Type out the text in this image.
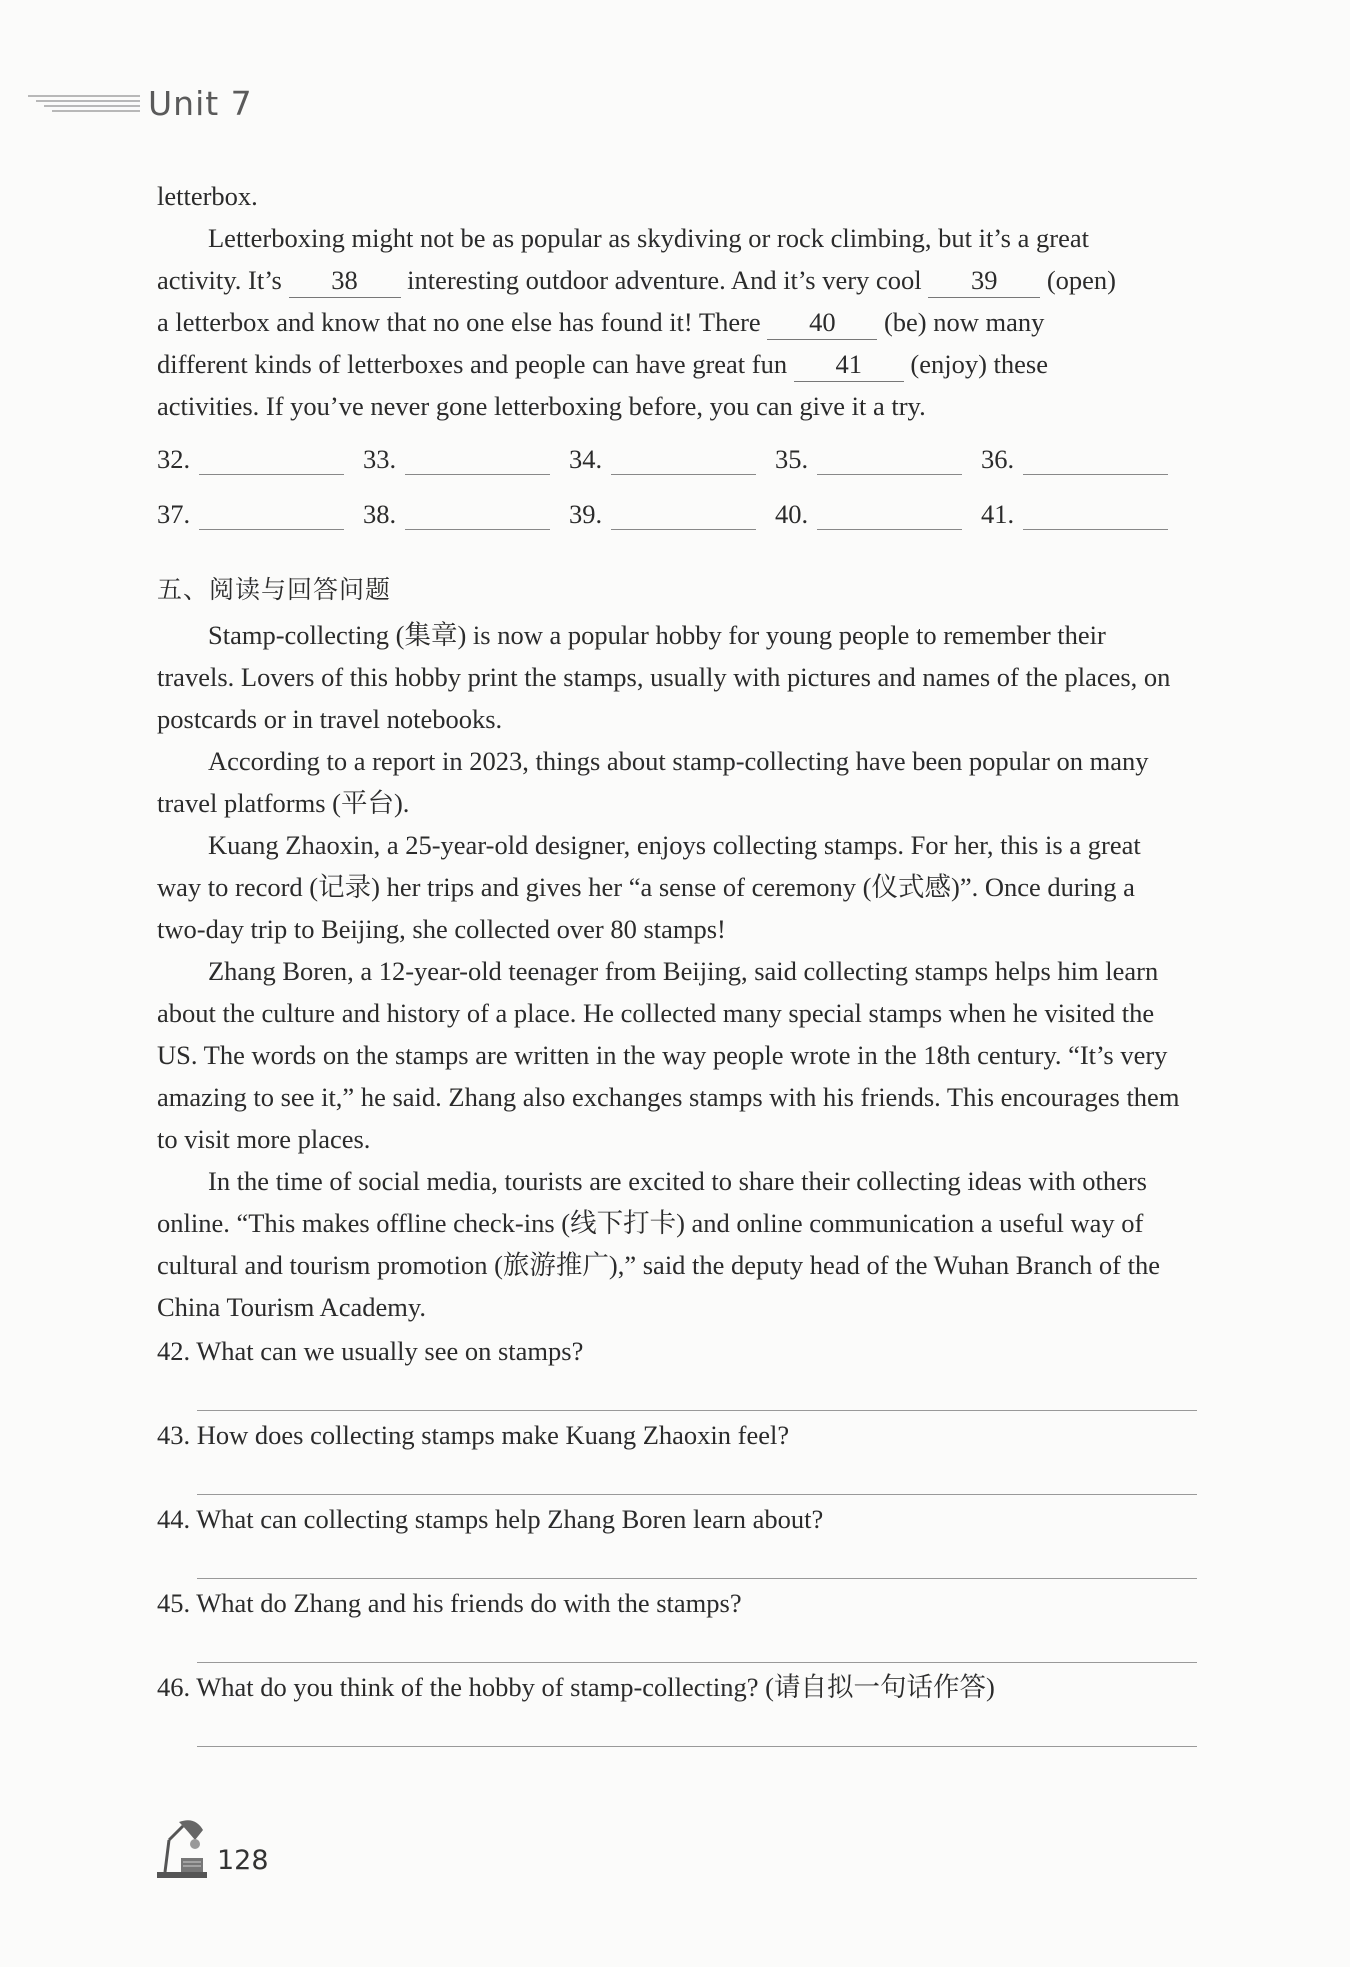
Unit 7

letterbox.

Letterboxing might not be as popular as skydiving or rock climbing, but it’s a great

activity. It’s 38 interesting outdoor adventure. And it’s very cool 39 (open)

a letterbox and know that no one else has found it! There 40 (be) now many

different kinds of letterboxes and people can have great fun 41 (enjoy) these

activities. If you’ve never gone letterboxing before, you can give it a try.

32.	33.	34.	35.	36.
37.	38.	39.	40.	41.
五、阅读与回答问题

Stamp-collecting (集章) is now a popular hobby for young people to remember their travels. Lovers of this hobby print the stamps, usually with pictures and names of the places, on postcards or in travel notebooks.

According to a report in 2023, things about stamp-collecting have been popular on many travel platforms (平台).

Kuang Zhaoxin, a 25-year-old designer, enjoys collecting stamps. For her, this is a great way to record (记录) her trips and gives her “a sense of ceremony (仪式感)”. Once during a two-day trip to Beijing, she collected over 80 stamps!

Zhang Boren, a 12-year-old teenager from Beijing, said collecting stamps helps him learn about the culture and history of a place. He collected many special stamps when he visited the US. The words on the stamps are written in the way people wrote in the 18th century. “It’s very amazing to see it,” he said. Zhang also exchanges stamps with his friends. This encourages them to visit more places.

In the time of social media, tourists are excited to share their collecting ideas with others online. “This makes offline check-ins (线下打卡) and online communication a useful way of cultural and tourism promotion (旅游推广),” said the deputy head of the Wuhan Branch of the China Tourism Academy.

42. What can we usually see on stamps?
43. How does collecting stamps make Kuang Zhaoxin feel?
44. What can collecting stamps help Zhang Boren learn about?
45. What do Zhang and his friends do with the stamps?
46. What do you think of the hobby of stamp-collecting? (请自拟一句话作答)
128
